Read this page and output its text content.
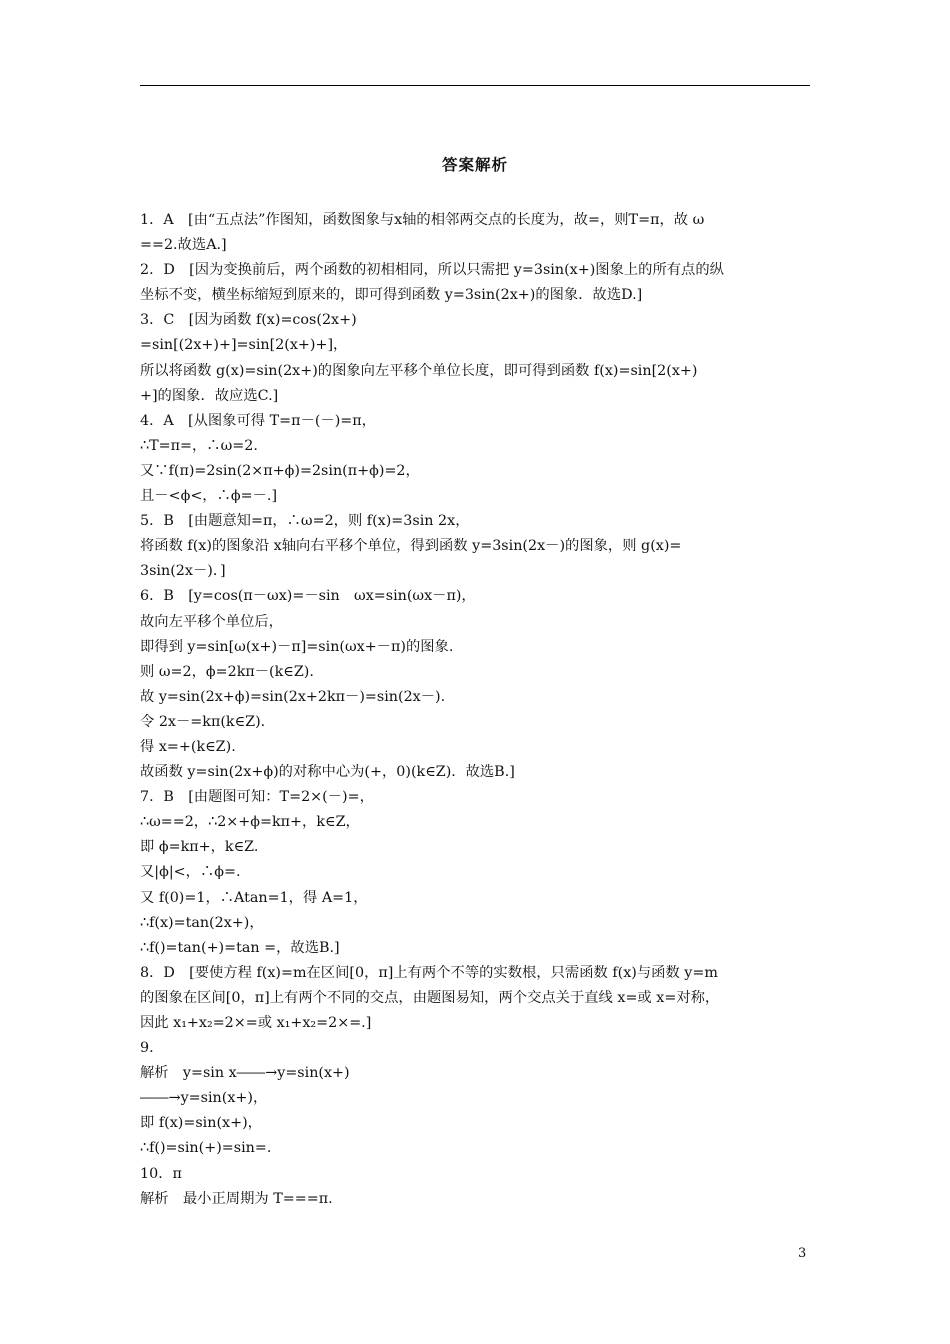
答案解析
1．A　[由“五点法”作图知，函数图象与x轴的相邻两交点的长度为，故=，则T=π，故 ω
==2.故选A.]
2．D　[因为变换前后，两个函数的初相相同，所以只需把 y=3sin(x+)图象上的所有点的纵
坐标不变，横坐标缩短到原来的，即可得到函数 y=3sin(2x+)的图象．故选D.]
3．C　[因为函数 f(x)=cos(2x+)
=sin[(2x+)+]=sin[2(x+)+]，
所以将函数 g(x)=sin(2x+)的图象向左平移个单位长度，即可得到函数 f(x)=sin[2(x+)
+]的图象．故应选C.]
4．A　[从图象可得 T=π－(－)=π，
∴T=π=，∴ω=2.
又∵f(π)=2sin(2×π+ϕ)=2sin(π+ϕ)=2，
且－<ϕ<，∴ϕ=－.]
5．B　[由题意知=π，∴ω=2，则 f(x)=3sin 2x，
将函数 f(x)的图象沿 x轴向右平移个单位，得到函数 y=3sin(2x－)的图象，则 g(x)=
3sin(2x－)．]
6．B　[y=cos(π－ωx)=－sin　ωx=sin(ωx－π)，
故向左平移个单位后，
即得到 y=sin[ω(x+)－π]=sin(ωx+－π)的图象.
则 ω=2，ϕ=2kπ－(k∈Z).
故 y=sin(2x+ϕ)=sin(2x+2kπ－)=sin(2x－).
令 2x－=kπ(k∈Z).
得 x=+(k∈Z).
故函数 y=sin(2x+ϕ)的对称中心为(+，0)(k∈Z)．故选B.]
7．B　[由题图可知：T=2×(－)=，
∴ω==2，∴2×+ϕ=kπ+，k∈Z，
即 ϕ=kπ+，k∈Z.
又|ϕ|<，∴ϕ=.
又 f(0)=1，∴Atan=1，得 A=1，
∴f(x)=tan(2x+)，
∴f()=tan(+)=tan =，故选B.]
8．D　[要使方程 f(x)=m在区间[0，π]上有两个不等的实数根，只需函数 f(x)与函数 y=m
的图象在区间[0，π]上有两个不同的交点，由题图易知，两个交点关于直线 x=或 x=对称，
因此 x₁+x₂=2×=或 x₁+x₂=2×=.]
9.
解析　y=sin x――→y=sin(x+)
――→y=sin(x+)，
即 f(x)=sin(x+)，
∴f()=sin(+)=sin=.
10．π
解析　最小正周期为 T===π.
3
